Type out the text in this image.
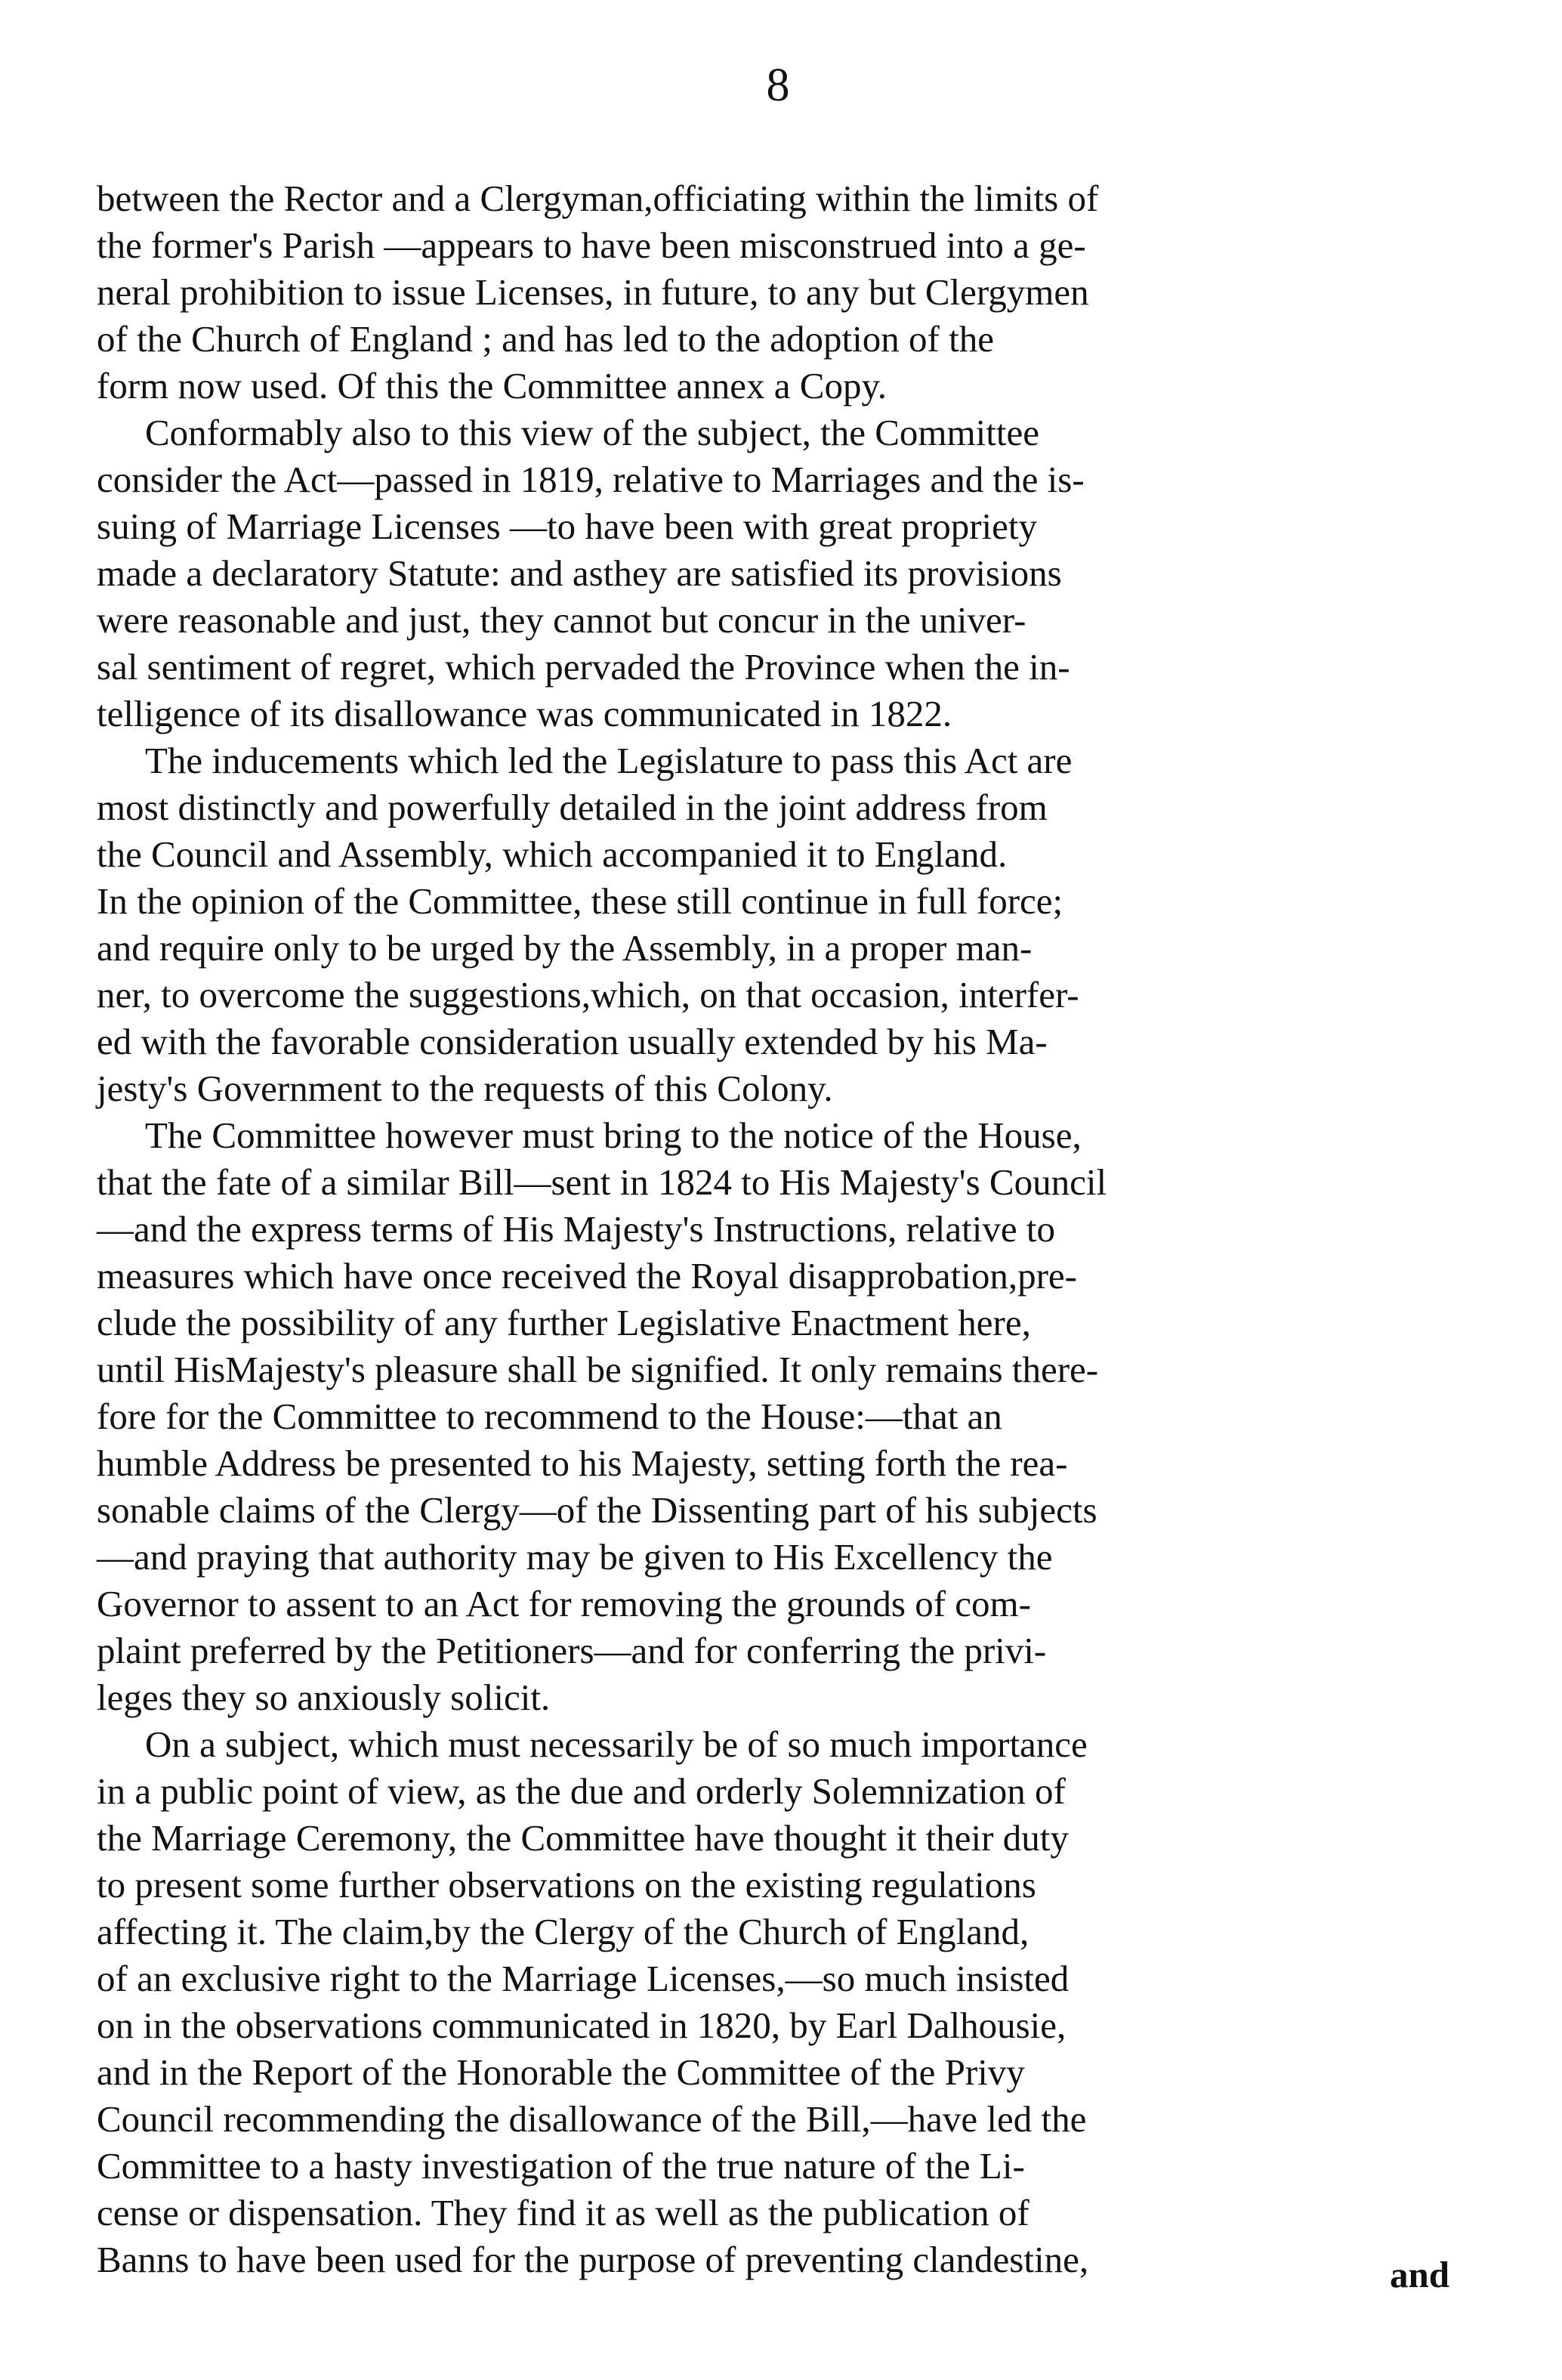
8
between the Rector and a Clergyman,officiating within the limits of
the former's Parish —appears to have been misconstrued into a ge-
neral prohibition to issue Licenses, in future, to any but Clergymen
of the Church of England ; and has led to the adoption of the
form now used. Of this the Committee annex a Copy.
Conformably also to this view of the subject, the Committee
consider the Act—passed in 1819, relative to Marriages and the is-
suing of Marriage Licenses —to have been with great propriety
made a declaratory Statute: and asthey are satisfied its provisions
were reasonable and just, they cannot but concur in the univer-
sal sentiment of regret, which pervaded the Province when the in-
telligence of its disallowance was communicated in 1822.
The inducements which led the Legislature to pass this Act are
most distinctly and powerfully detailed in the joint address from
the Council and Assembly, which accompanied it to England.
In the opinion of the Committee, these still continue in full force;
and require only to be urged by the Assembly, in a proper man-
ner, to overcome the suggestions,which, on that occasion, interfer-
ed with the favorable consideration usually extended by his Ma-
jesty's Government to the requests of this Colony.
The Committee however must bring to the notice of the House,
that the fate of a similar Bill—sent in 1824 to His Majesty's Council
—and the express terms of His Majesty's Instructions, relative to
measures which have once received the Royal disapprobation,pre-
clude the possibility of any further Legislative Enactment here,
until HisMajesty's pleasure shall be signified. It only remains there-
fore for the Committee to recommend to the House:—that an
humble Address be presented to his Majesty, setting forth the rea-
sonable claims of the Clergy—of the Dissenting part of his subjects
—and praying that authority may be given to His Excellency the
Governor to assent to an Act for removing the grounds of com-
plaint preferred by the Petitioners—and for conferring the privi-
leges they so anxiously solicit.
On a subject, which must necessarily be of so much importance
in a public point of view, as the due and orderly Solemnization of
the Marriage Ceremony, the Committee have thought it their duty
to present some further observations on the existing regulations
affecting it. The claim,by the Clergy of the Church of England,
of an exclusive right to the Marriage Licenses,—so much insisted
on in the observations communicated in 1820, by Earl Dalhousie,
and in the Report of the Honorable the Committee of the Privy
Council recommending the disallowance of the Bill,—have led the
Committee to a hasty investigation of the true nature of the Li-
cense or dispensation. They find it as well as the publication of
Banns to have been used for the purpose of preventing clandestine,	and
